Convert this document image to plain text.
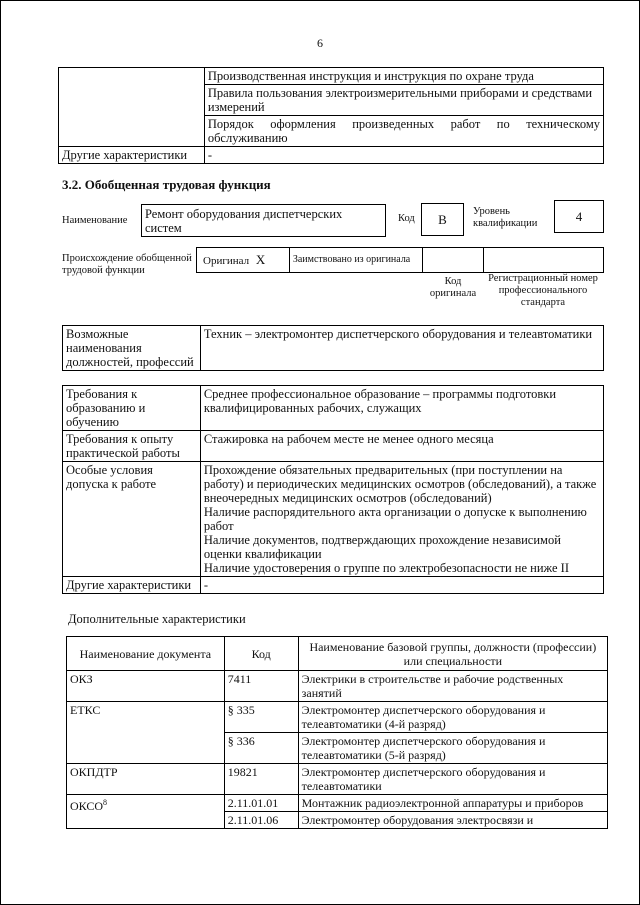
6
	Производственная инструкция и инструкция по охране труда
	Правила пользования электроизмерительными приборами и средствами измерений
	Порядок оформления произведенных работ по техническому обслуживанию
Другие характеристики	-
3.2. Обобщенная трудовая функция
Наименование	Ремонт оборудования диспетчерских систем
Код	В
Уровень квалификации	4
Происхождение обобщенной трудовой функции
Оригинал X	Заимствовано из оригинала		
Код оригинала
Регистрационный номер профессионального стандарта
Возможные наименования должностей, профессий	Техник – электромонтер диспетчерского оборудования и телеавтоматики
Требования к образованию и обучению	Среднее профессиональное образование – программы подготовки квалифицированных рабочих, служащих
Требования к опыту практической работы	Стажировка на рабочем месте не менее одного месяца
Особые условия допуска к работе	Прохождение обязательных предварительных (при поступлении на работу) и периодических медицинских осмотров (обследований), а также внеочередных медицинских осмотров (обследований)
Наличие распорядительного акта организации о допуске к выполнению работ
Наличие документов, подтверждающих прохождение независимой оценки квалификации
Наличие удостоверения о группе по электробезопасности не ниже II

Другие характеристики	-
Дополнительные характеристики
Наименование документа	Код	Наименование базовой группы, должности (профессии) или специальности
ОКЗ	7411	Электрики в строительстве и рабочие родственных занятий
ЕТКС	§ 335	Электромонтер диспетчерского оборудования и телеавтоматики (4-й разряд)
	§ 336	Электромонтер диспетчерского оборудования и телеавтоматики (5-й разряд)
ОКПДТР	19821	Электромонтер диспетчерского оборудования и телеавтоматики
ОКСО$^8$	2.11.01.01	Монтажник радиоэлектронной аппаратуры и приборов
	2.11.01.06	Электромонтер оборудования электросвязи и
